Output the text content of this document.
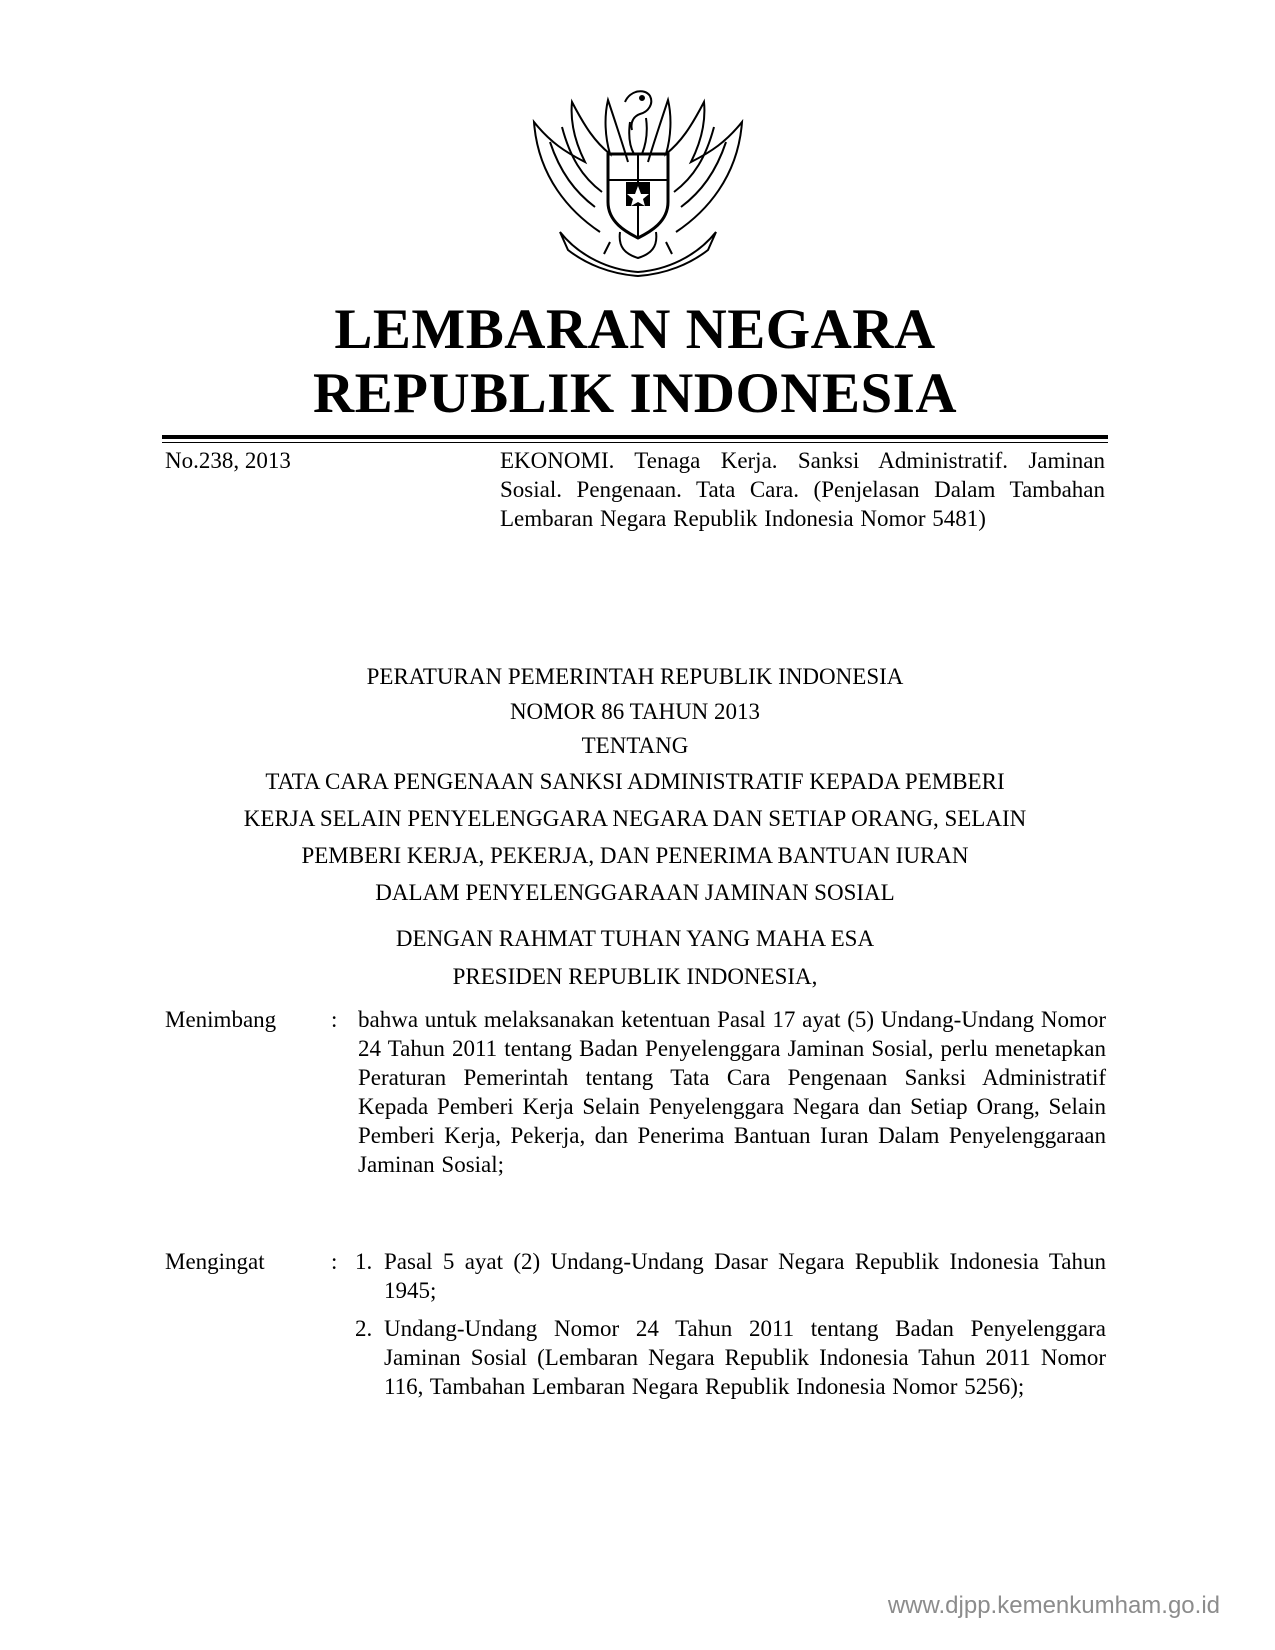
LEMBARAN NEGARA
REPUBLIK INDONESIA
No.238, 2013	EKONOMI. Tenaga Kerja. Sanksi Administratif. Jaminan Sosial. Pengenaan. Tata Cara. (Penjelasan Dalam Tambahan Lembaran Negara Republik Indonesia Nomor 5481)
PERATURAN PEMERINTAH REPUBLIK INDONESIA
NOMOR 86 TAHUN 2013
TENTANG
TATA CARA PENGENAAN SANKSI ADMINISTRATIF KEPADA PEMBERI
KERJA SELAIN PENYELENGGARA NEGARA DAN SETIAP ORANG, SELAIN
PEMBERI KERJA, PEKERJA, DAN PENERIMA BANTUAN IURAN
DALAM PENYELENGGARAAN JAMINAN SOSIAL
DENGAN RAHMAT TUHAN YANG MAHA ESA
PRESIDEN REPUBLIK INDONESIA,
Menimbang : bahwa untuk melaksanakan ketentuan Pasal 17 ayat (5) Undang-Undang Nomor 24 Tahun 2011 tentang Badan Penyelenggara Jaminan Sosial, perlu menetapkan Peraturan Pemerintah tentang Tata Cara Pengenaan Sanksi Administratif Kepada Pemberi Kerja Selain Penyelenggara Negara dan Setiap Orang, Selain Pemberi Kerja, Pekerja, dan Penerima Bantuan Iuran Dalam Penyelenggaraan Jaminan Sosial;
Mengingat	: 1. Pasal 5 ayat (2) Undang-Undang Dasar Negara Republik Indonesia Tahun 1945;
2. Undang-Undang Nomor 24 Tahun 2011 tentang Badan Penyelenggara Jaminan Sosial (Lembaran Negara Republik Indonesia Tahun 2011 Nomor 116, Tambahan Lembaran Negara Republik Indonesia Nomor 5256);
www.djpp.kemenkumham.go.id
